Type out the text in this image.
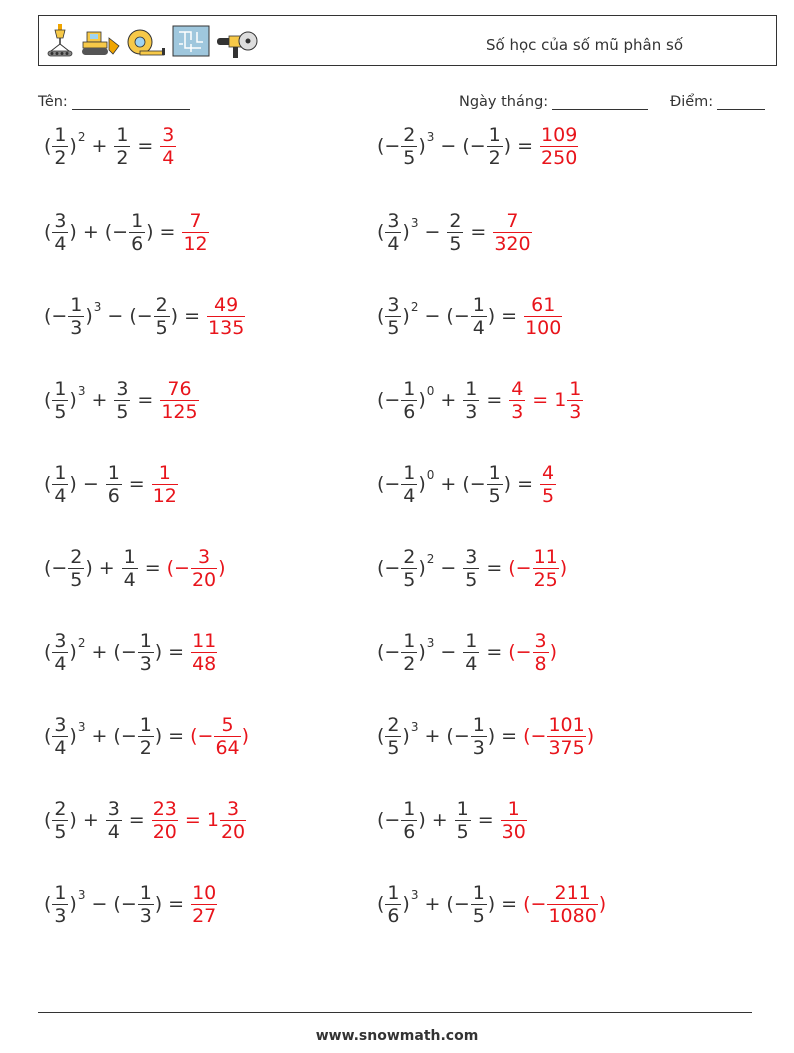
Số học của số mũ phân số
Tên:	Ngày tháng:	Điểm:
( $\frac{1}{2}$ ) $2 + \frac{1}{2} = \frac{3}{4}$	(− $\frac{2}{5}$ ) 3 − (− $\frac{1}{2}$ ) = $\frac{109}{250}$
( $\frac{3}{4}$ ) + (− $\frac{1}{6}$ ) = $\frac{7}{12}$	( $\frac{3}{4}$ ) $3 - \frac{2}{5} = \frac{7}{320}$
(− $\frac{1}{3}$ ) 3 − (− $\frac{2}{5}$ ) = $\frac{49}{135}$	( $\frac{3}{5}$ ) 2 − (− $\frac{1}{4}$ ) = $\frac{61}{100}$
( $\frac{1}{5}$ ) $3 + \frac{3}{5} = \frac{76}{125}$	(− $\frac{1}{6}$ ) $0 + \frac{1}{3} = \frac{4}{3} = 1 \frac{1}{3}$
( $\frac{1}{4}$ ) − $\frac{1}{6} = \frac{1}{12}$	(− $\frac{1}{4}$ ) 0 + (− $\frac{1}{5}$ ) = $\frac{4}{5}$
(− $\frac{2}{5}$ ) + $\frac{1}{4}$ = (− $\frac{3}{20}$ )	(− $\frac{2}{5}$ ) $2 - \frac{3}{5}$ = (− $\frac{11}{25}$ )
( $\frac{3}{4}$ ) 2 + (− $\frac{1}{3}$ ) = $\frac{11}{48}$	(− $\frac{1}{2}$ ) $3 - \frac{1}{4}$ = (− $\frac{3}{8}$ )
( $\frac{3}{4}$ ) 3 + (− $\frac{1}{2}$ ) = (− $\frac{5}{64}$ )	( $\frac{2}{5}$ ) 3 + (− $\frac{1}{3}$ ) = (− $\frac{101}{375}$ )
( $\frac{2}{5}$ ) + $\frac{3}{4} = \frac{23}{20} = 1 \frac{3}{20}$	(− $\frac{1}{6}$ ) + $\frac{1}{5} = \frac{1}{30}$
( $\frac{1}{3}$ ) 3 − (− $\frac{1}{3}$ ) = $\frac{10}{27}$	( $\frac{1}{6}$ ) 3 + (− $\frac{1}{5}$ ) = (− $\frac{211}{1080}$ )
www.snowmath.com
